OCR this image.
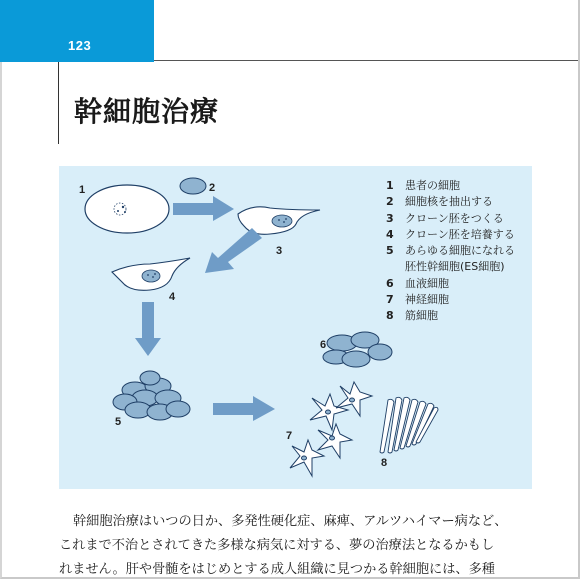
123
幹細胞治療
1	2
3
4
5
6
7
8
1 患者の細胞
2 細胞核を抽出する
3 クローン胚をつくる
4 クローン胚を培養する
5 あらゆる細胞になれる
胚性幹細胞(ES細胞)
6 血液細胞
7 神経細胞
8 筋細胞
幹細胞治療はいつの日か、多発性硬化症、麻痺、アルツハイマー病など、
これまで不治とされてきた多様な病気に対する、夢の治療法となるかもし
れません。肝や骨髄をはじめとする成人組織に見つかる幹細胞には、多種
